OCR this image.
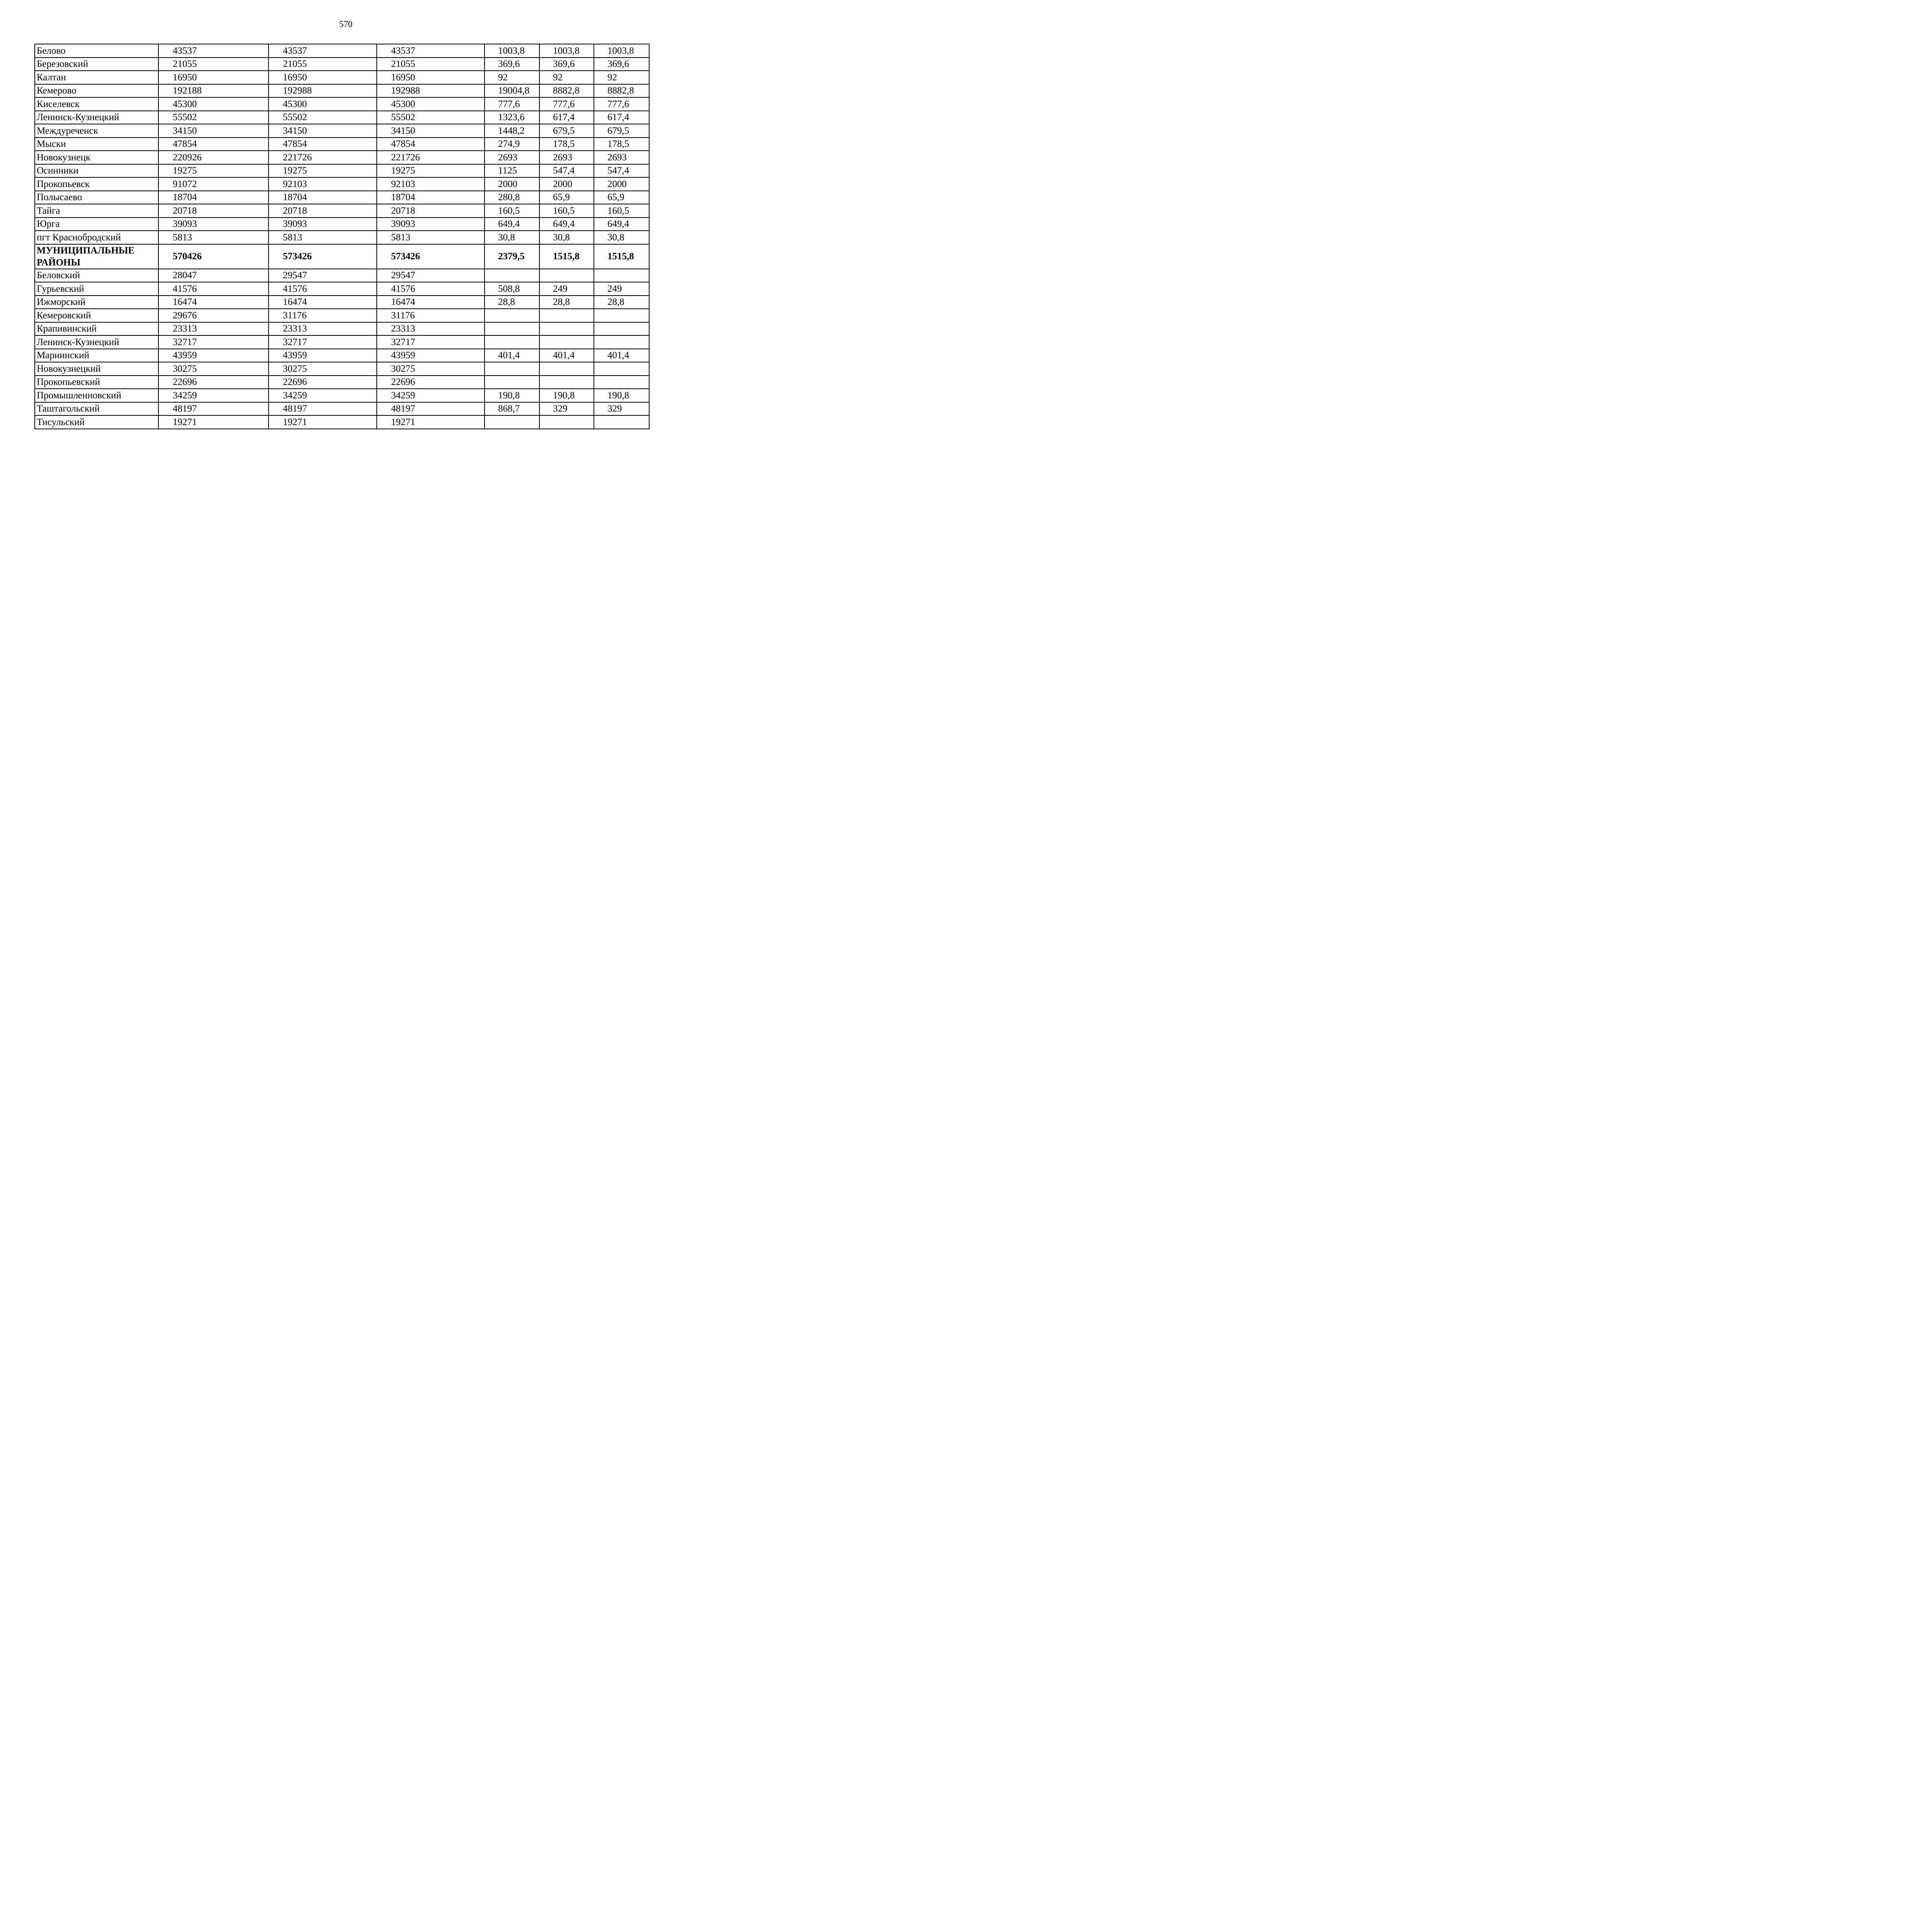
570
Белово	43537	43537	43537	1003,8	1003,8	1003,8
Березовский	21055	21055	21055	369,6	369,6	369,6
Калтан	16950	16950	16950	92	92	92
Кемерово	192188	192988	192988	19004,8	8882,8	8882,8
Киселевск	45300	45300	45300	777,6	777,6	777,6
Ленинск-Кузнецкий	55502	55502	55502	1323,6	617,4	617,4
Междуреченск	34150	34150	34150	1448,2	679,5	679,5
Мыски	47854	47854	47854	274,9	178,5	178,5
Новокузнецк	220926	221726	221726	2693	2693	2693
Осинники	19275	19275	19275	1125	547,4	547,4
Прокопьевск	91072	92103	92103	2000	2000	2000
Полысаево	18704	18704	18704	280,8	65,9	65,9
Тайга	20718	20718	20718	160,5	160,5	160,5
Юрга	39093	39093	39093	649,4	649,4	649,4
пгт Краснобродский	5813	5813	5813	30,8	30,8	30,8
МУНИЦИПАЛЬНЫЕ РАЙОНЫ	570426	573426	573426	2379,5	1515,8	1515,8
Беловский	28047	29547	29547			
Гурьевский	41576	41576	41576	508,8	249	249
Ижморский	16474	16474	16474	28,8	28,8	28,8
Кемеровский	29676	31176	31176			
Крапивинский	23313	23313	23313			
Ленинск-Кузнецкий	32717	32717	32717			
Мариинский	43959	43959	43959	401,4	401,4	401,4
Новокузнецкий	30275	30275	30275			
Прокопьевский	22696	22696	22696			
Промышленновский	34259	34259	34259	190,8	190,8	190,8
Таштагольский	48197	48197	48197	868,7	329	329
Тисульский	19271	19271	19271			
